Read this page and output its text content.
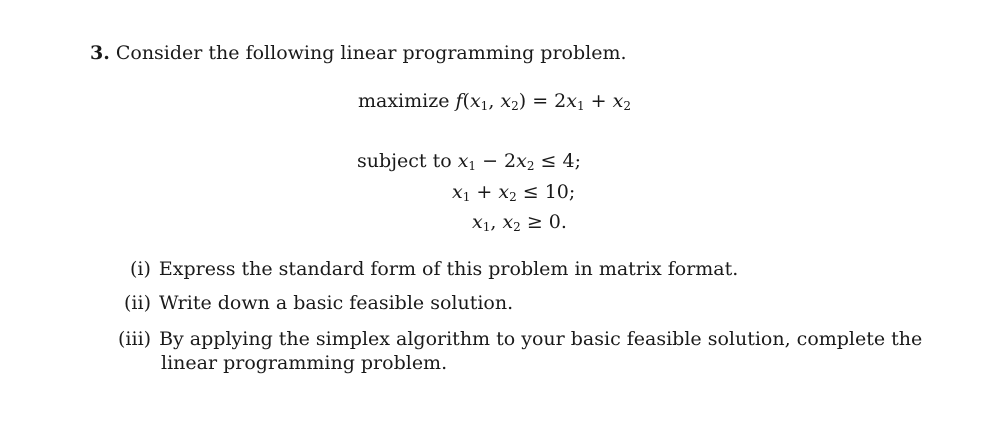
3. Consider the following linear programming problem.
maximize $f(x_1$, $x_2) = 2x_1 + x_2$
subject to $x_1 - 2x_2 \le 4$;
$x_1 + x_2 \le 10$;
$x_1$, $x_2 \ge 0$.
(i) Express the standard form of this problem in matrix format.
(ii) Write down a basic feasible solution.
(iii) By applying the simplex algorithm to your basic feasible solution, complete the
linear programming problem.
